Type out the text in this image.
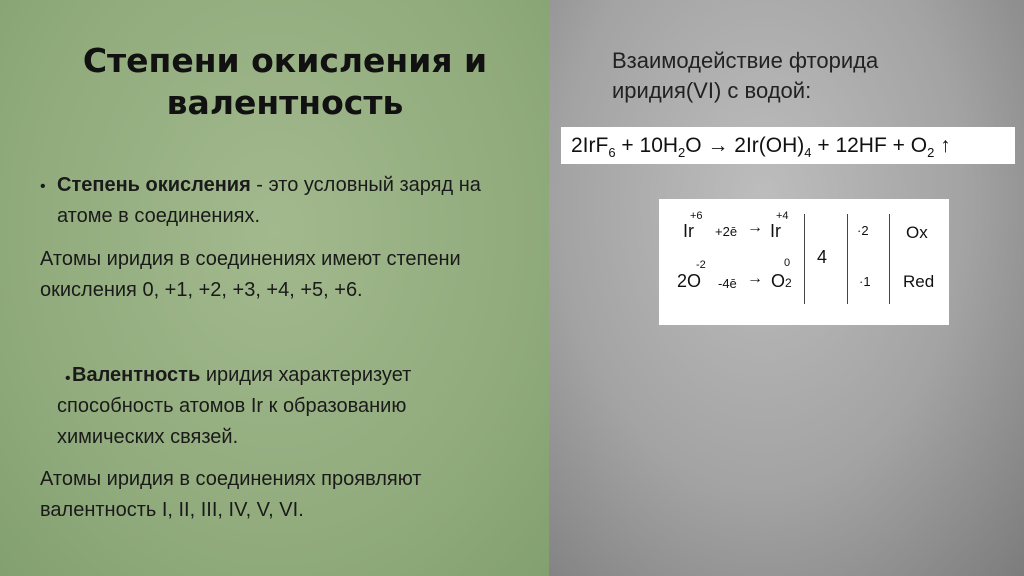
Степени окисления и
валентность
• Степень окисления - это условный заряд на
атоме в соединениях.

Атомы иридия в соединениях имеют степени
окисления 0, +1, +2, +3, +4, +5, +6.

• Валентность иридия характеризует
способность атомов Ir к образованию
химических связей.

Атомы иридия в соединениях проявляют
валентность I, II, III, IV, V, VI.

Взаимодействие фторида
иридия(VI) с водой:

$2IrF_6 + 10H_2O \to 2Ir(OH)_4 + 12HF + O_2$ ↑
+6
Ir +2ē →
+4
Ir
-2
2O -4ē →
0
O2
4
·2
·1
Ox
Red
